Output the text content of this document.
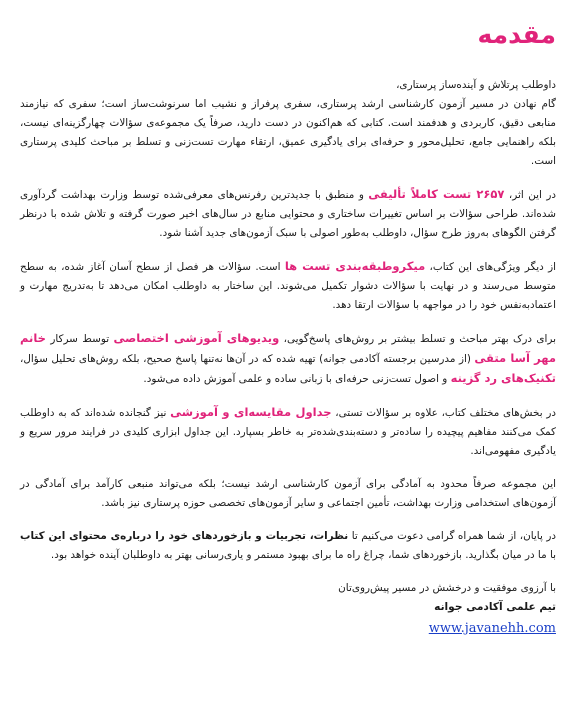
مقدمه

داوطلب پرتلاش و آینده‌ساز پرستاری،
گام نهادن در مسیر آزمون کارشناسی ارشد پرستاری، سفری پرفراز و نشیب اما سرنوشت‌ساز است؛ سفری که نیازمند منابعی دقیق، کاربردی و هدفمند است. کتابی که هم‌اکنون در دست دارید، صرفاً یک مجموعه‌ی سؤالات چهارگزینه‌ای نیست، بلکه راهنمایی جامع، تحلیل‌محور و حرفه‌ای برای یادگیری عمیق، ارتقاء مهارت تست‌زنی و تسلط بر مباحث کلیدی پرستاری است.

در این اثر، ۲۶۵۷ تست کاملاً تألیفی و منطبق با جدیدترین رفرنس‌های معرفی‌شده توسط وزارت بهداشت گردآوری شده‌اند. طراحی سؤالات بر اساس تغییرات ساختاری و محتوایی منابع در سال‌های اخیر صورت گرفته و تلاش شده با درنظر گرفتن الگوهای به‌روز طرح سؤال، داوطلب به‌طور اصولی با سبک آزمون‌های جدید آشنا شود.

از دیگر ویژگی‌های این کتاب، میکروطبقه‌بندی تست ها است. سؤالات هر فصل از سطح آسان آغاز شده، به سطح متوسط می‌رسند و در نهایت با سؤالات دشوار تکمیل می‌شوند. این ساختار به داوطلب امکان می‌دهد تا به‌تدریج مهارت و اعتمادبه‌نفس خود را در مواجهه با سؤالات ارتقا دهد.

برای درک بهتر مباحث و تسلط بیشتر بر روش‌های پاسخ‌گویی، ویدیوهای آموزشی اختصاصی توسط سرکار خانم مهر آسا متقی (از مدرسین برجسته آکادمی جوانه) تهیه شده که در آن‌ها نه‌تنها پاسخ صحیح، بلکه روش‌های تحلیل سؤال، تکنیک‌های رد گزینه و اصول تست‌زنی حرفه‌ای با زبانی ساده و علمی آموزش داده می‌شود.

در بخش‌های مختلف کتاب، علاوه بر سؤالات تستی، جداول مقایسه‌ای و آموزشی نیز گنجانده شده‌اند که به داوطلب کمک می‌کنند مفاهیم پیچیده را ساده‌تر و دسته‌بندی‌شده‌تر به خاطر بسپارد. این جداول ابزاری کلیدی در فرایند مرور سریع و یادگیری مفهومی‌اند.

این مجموعه صرفاً محدود به آمادگی برای آزمون کارشناسی ارشد نیست؛ بلکه می‌تواند منبعی کارآمد برای آمادگی در آزمون‌های استخدامی وزارت بهداشت، تأمین اجتماعی و سایر آزمون‌های تخصصی حوزه پرستاری نیز باشد.

در پایان، از شما همراه گرامی دعوت می‌کنیم تا نظرات، تجربیات و بازخوردهای خود را درباره‌ی محتوای این کتاب با ما در میان بگذارید. بازخوردهای شما، چراغ راه ما برای بهبود مستمر و یاری‌رسانی بهتر به داوطلبان آینده خواهد بود.

با آرزوی موفقیت و درخشش در مسیر پیش‌روی‌تان
تیم علمی آکادمی جوانه
www.javanehh.com
